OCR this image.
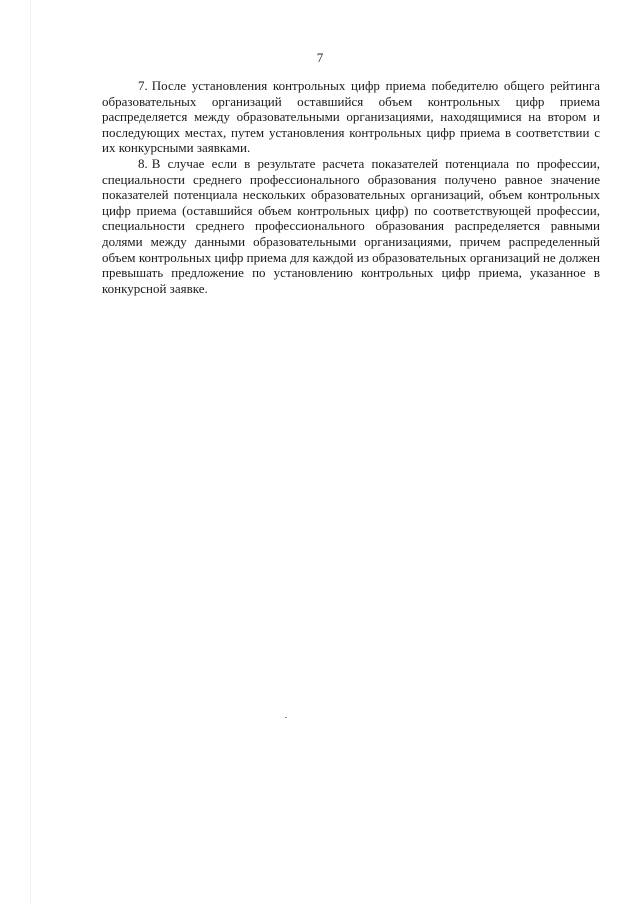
7

7. После установления контрольных цифр приема победителю общего рейтинга образовательных организаций оставшийся объем контрольных цифр приема распределяется между образовательными организациями, находящимися на втором и последующих местах, путем установления контрольных цифр приема в соответствии с их конкурсными заявками.

8. В случае если в результате расчета показателей потенциала по профессии, специальности среднего профессионального образования получено равное значение показателей потенциала нескольких образовательных организаций, объем контрольных цифр приема (оставшийся объем контрольных цифр) по соответствующей профессии, специальности среднего профессионального образования распределяется равными долями между данными образовательными организациями, причем распределенный объем контрольных цифр приема для каждой из образовательных организаций не должен превышать предложение по установлению контрольных цифр приема, указанное в конкурсной заявке.
